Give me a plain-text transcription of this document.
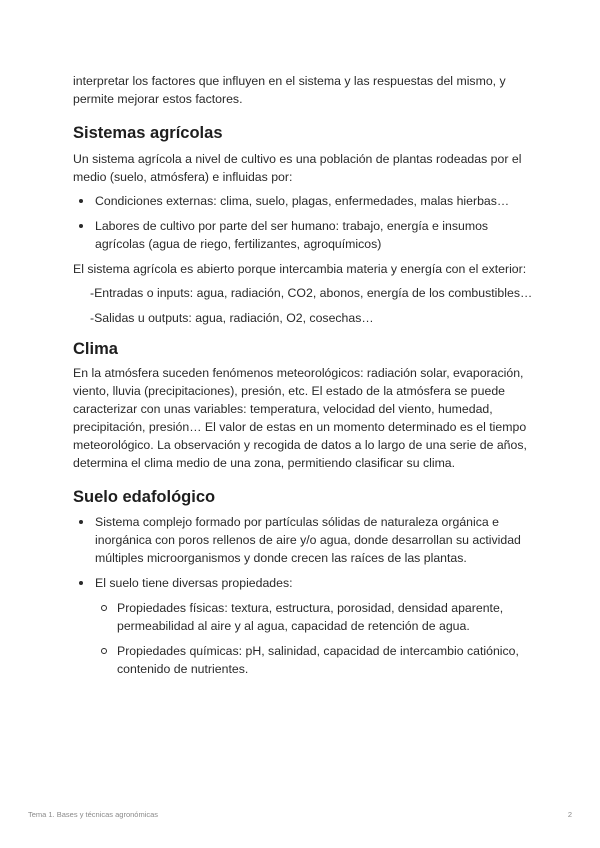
interpretar los factores que influyen en el sistema y las respuestas del mismo, y permite mejorar estos factores.

Sistemas agrícolas

Un sistema agrícola a nivel de cultivo es una población de plantas rodeadas por el medio (suelo, atmósfera) e influidas por:

Condiciones externas: clima, suelo, plagas, enfermedades, malas hierbas…
Labores de cultivo por parte del ser humano: trabajo, energía e insumos agrícolas (agua de riego, fertilizantes, agroquímicos)

El sistema agrícola es abierto porque intercambia materia y energía con el exterior:

-Entradas o inputs: agua, radiación, CO2, abonos, energía de los combustibles…
-Salidas u outputs: agua, radiación, O2, cosechas…
Clima

En la atmósfera suceden fenómenos meteorológicos: radiación solar, evaporación, viento, lluvia (precipitaciones), presión, etc. El estado de la atmósfera se puede caracterizar con unas variables: temperatura, velocidad del viento, humedad, precipitación, presión… El valor de estas en un momento determinado es el tiempo meteorológico. La observación y recogida de datos a lo largo de una serie de años, determina el clima medio de una zona, permitiendo clasificar su clima.

Suelo edafológico
Sistema complejo formado por partículas sólidas de naturaleza orgánica e inorgánica con poros rellenos de aire y/o agua, donde desarrollan su actividad múltiples microorganismos y donde crecen las raíces de las plantas.
El suelo tiene diversas propiedades:
Propiedades físicas: textura, estructura, porosidad, densidad aparente, permeabilidad al aire y al agua, capacidad de retención de agua.
Propiedades químicas: pH, salinidad, capacidad de intercambio catiónico, contenido de nutrientes.
Tema 1. Bases y técnicas agronómicas	2
